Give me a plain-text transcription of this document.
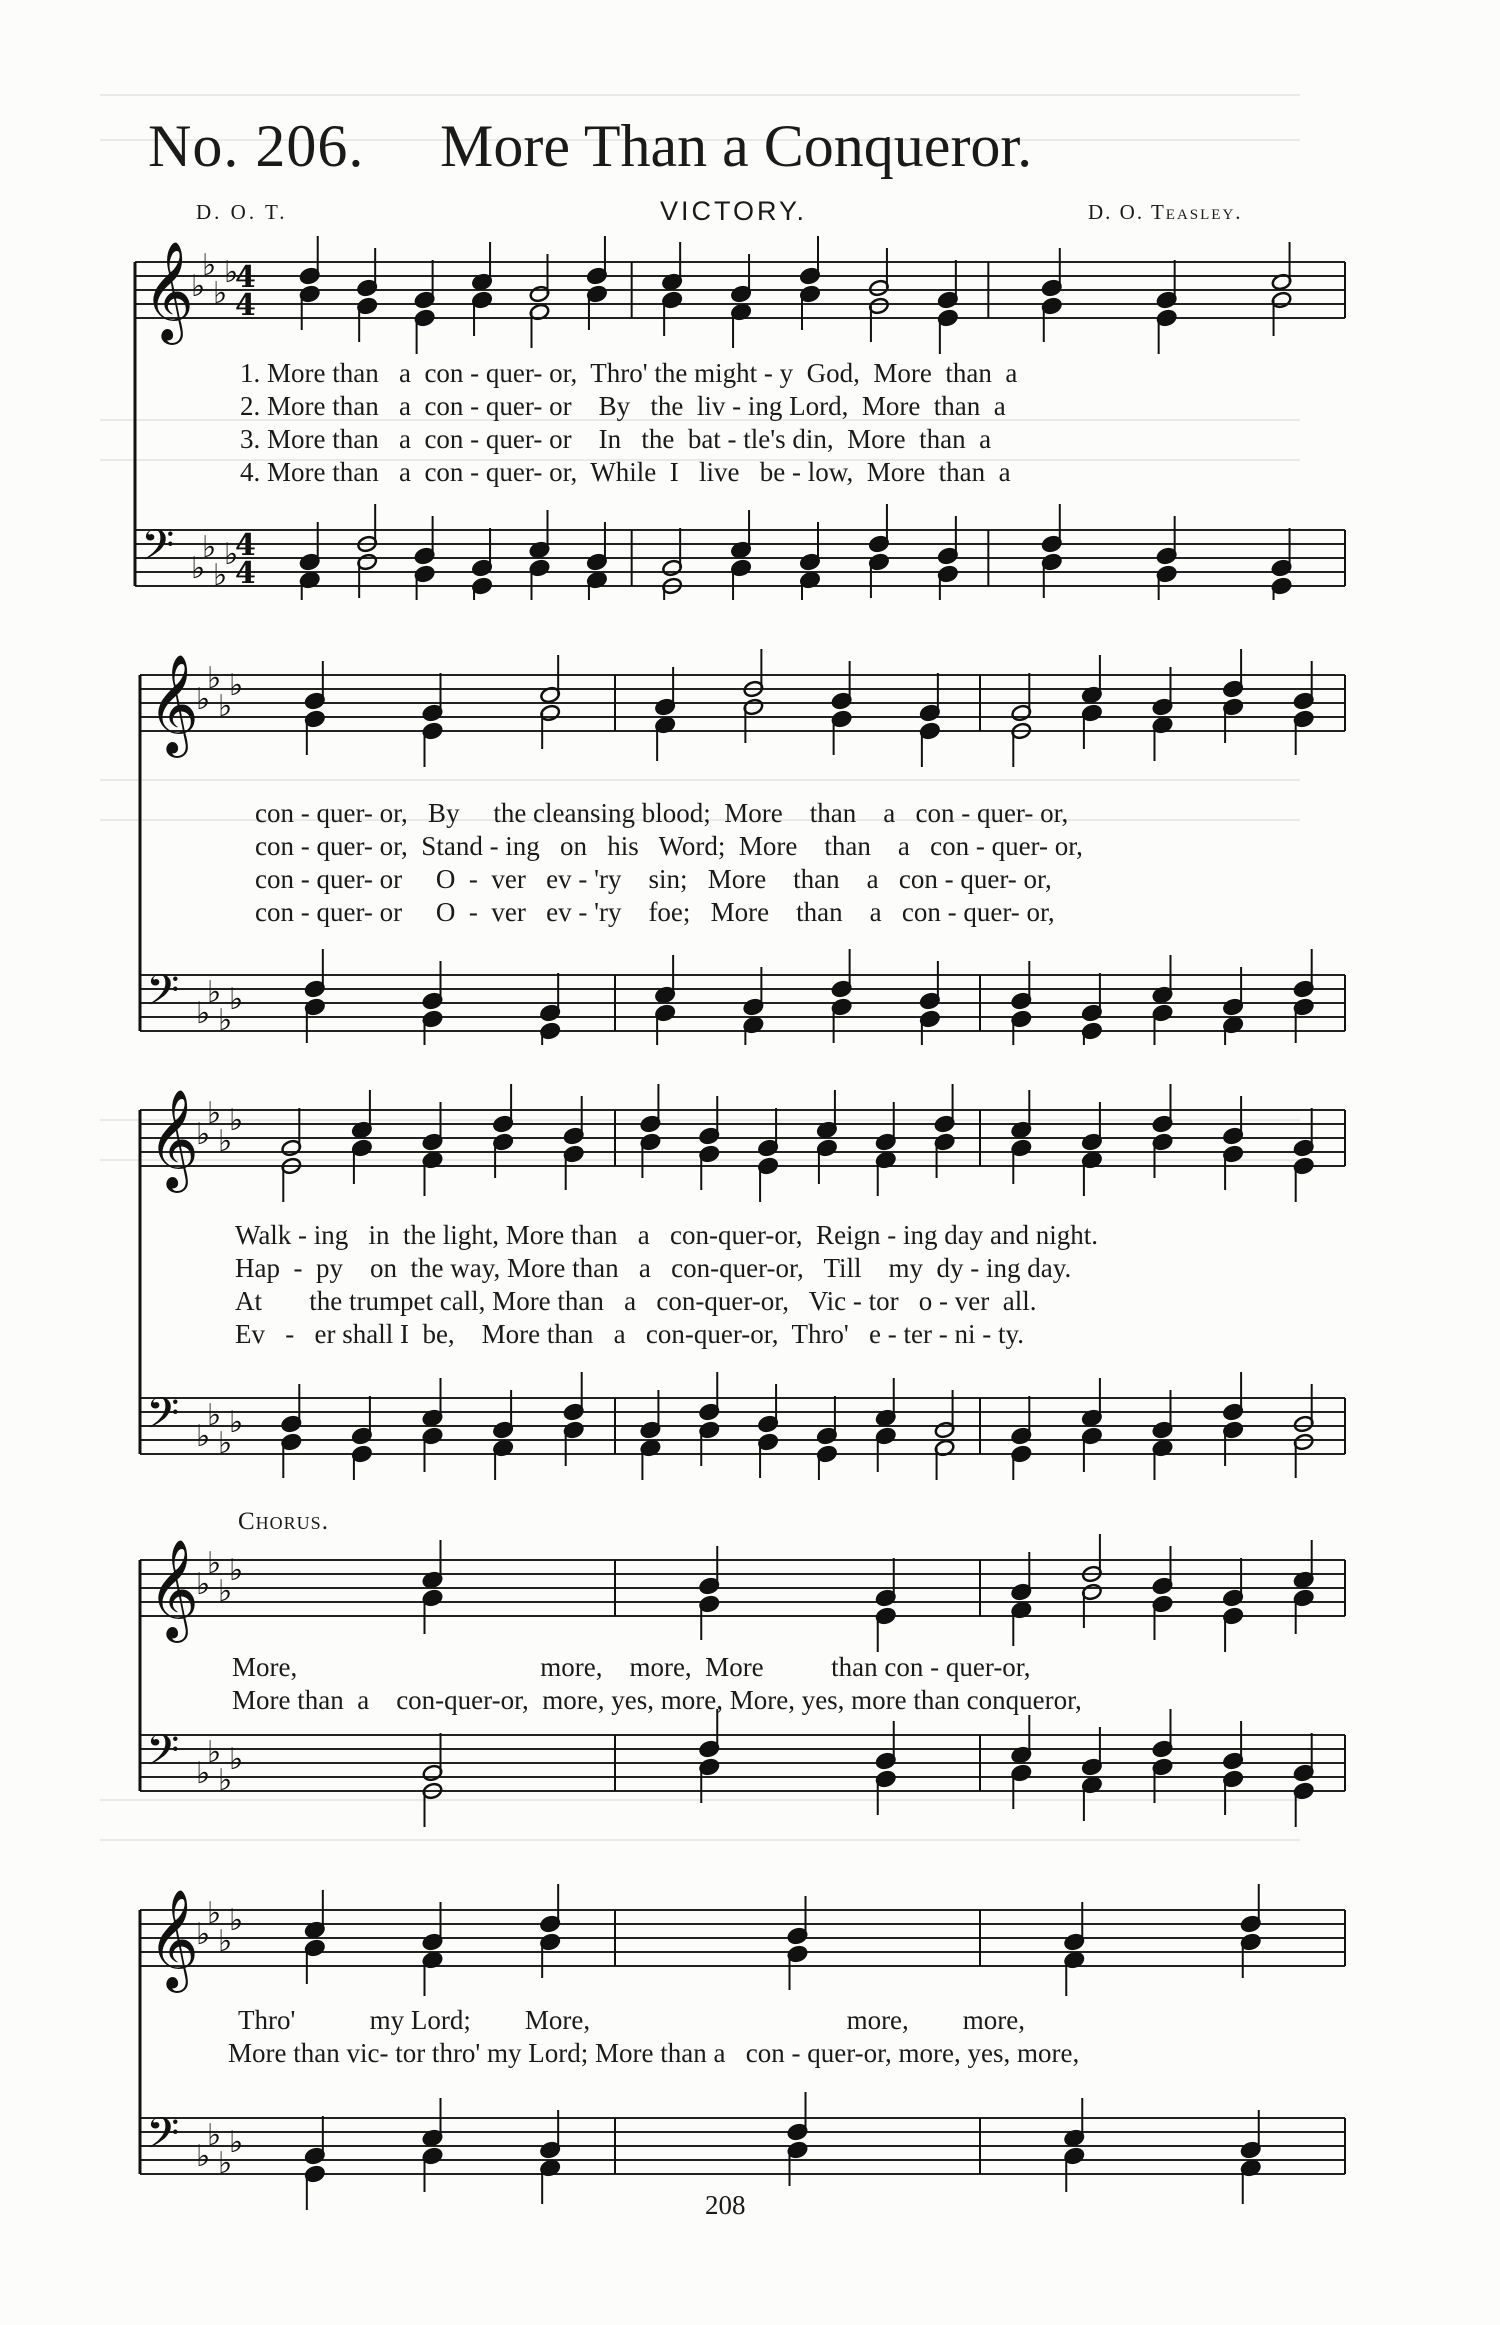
No. 206. More Than a Conqueror.
D. O. T.	VICTORY.	D. O. Teasley.
𝄞
𝄢
♭
♭
♭
♭
♭
♭
♭
♭
4
4
4
4
𝄞
𝄢
♭
♭
♭
♭
♭
♭
♭
♭
𝄞
𝄢
♭
♭
♭
♭
♭
♭
♭
♭
𝄞
𝄢
♭
♭
♭
♭
♭
♭
♭
♭
𝄞
𝄢
♭
♭
♭
♭
♭
♭
♭
♭
1. More than   a  con - quer- or,  Thro' the might - y  God,  More  than  a
2. More than   a  con - quer- or    By   the  liv - ing Lord,  More  than  a
3. More than   a  con - quer- or    In   the  bat - tle's din,  More  than  a
4. More than   a  con - quer- or,  While  I   live   be - low,  More  than  a
con - quer- or,   By     the cleansing blood;  More    than    a   con - quer- or,
con - quer- or,  Stand - ing   on   his   Word;  More    than    a   con - quer- or,
con - quer- or     O  -  ver   ev - 'ry    sin;   More    than    a   con - quer- or,
con - quer- or     O  -  ver   ev - 'ry    foe;   More    than    a   con - quer- or,
Walk - ing   in  the light, More than   a   con-quer-or,  Reign - ing day and night.
Hap  -  py    on  the way, More than   a   con-quer-or,   Till    my  dy - ing day.
At       the trumpet call, More than   a   con-quer-or,   Vic - tor   o - ver  all.
Ev   -   er shall I  be,    More than   a   con-quer-or,  Thro'   e - ter - ni - ty.
Chorus.
More,                                    more,    more,  More          than con - quer-or,
More than  a    con-quer-or,  more, yes, more, More, yes, more than conqueror,
Thro'           my Lord;        More,                                      more,        more,
More than vic- tor thro' my Lord; More than a   con - quer-or, more, yes, more,
208
